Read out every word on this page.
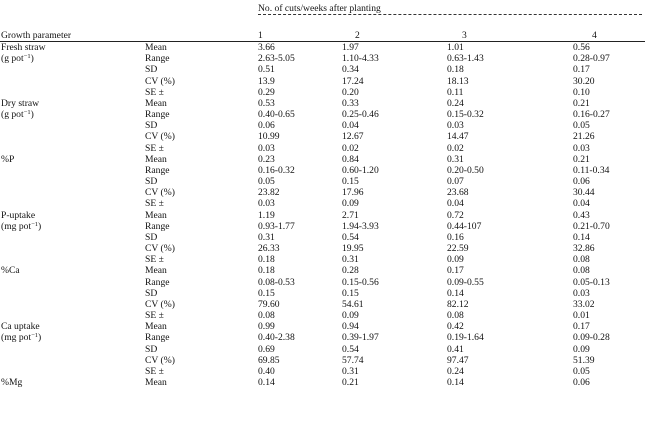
No. of cuts/weeks after planting
Growth parameter	1	2	3	4
Fresh straw
(g pot$^{-1}$)
Mean	3.66	1.97	1.01	0.56
Range	2.63-5.05	1.10-4.33	0.63-1.43	0.28-0.97
SD	0.51	0.34	0.18	0.17
CV (%)	13.9	17.24	18.13	30.20
SE ±	0.29	0.20	0.11	0.10
Dry straw
(g pot$^{-1}$)
Mean	0.53	0.33	0.24	0.21
Range	0.40-0.65	0.25-0.46	0.15-0.32	0.16-0.27
SD	0.06	0.04	0.03	0.05
CV (%)	10.99	12.67	14.47	21.26
SE ±	0.03	0.02	0.02	0.03
%P	Mean	0.23	0.84	0.31	0.21
Range	0.16-0.32	0.60-1.20	0.20-0.50	0.11-0.34
SD	0.05	0.15	0.07	0.06
CV (%)	23.82	17.96	23.68	30.44
SE ±	0.03	0.09	0.04	0.04
P-uptake
(mg pot$^{-1}$)
Mean	1.19	2.71	0.72	0.43
Range	0.93-1.77	1.94-3.93	0.44-107	0.21-0.70
SD	0.31	0.54	0.16	0.14
CV (%)	26.33	19.95	22.59	32.86
SE ±	0.18	0.31	0.09	0.08
%Ca	Mean	0.18	0.28	0.17	0.08
Range	0.08-0.53	0.15-0.56	0.09-0.55	0.05-0.13
SD	0.15	0.15	0.14	0.03
CV (%)	79.60	54.61	82.12	33.02
SE ±	0.08	0.09	0.08	0.01
Ca uptake
(mg pot$^{-1}$)
Mean	0.99	0.94	0.42	0.17
Range	0.40-2.38	0.39-1.97	0.19-1.64	0.09-0.28
SD	0.69	0.54	0.41	0.09
CV (%)	69.85	57.74	97.47	51.39
SE ±	0.40	0.31	0.24	0.05
%Mg	Mean	0.14	0.21	0.14	0.06
